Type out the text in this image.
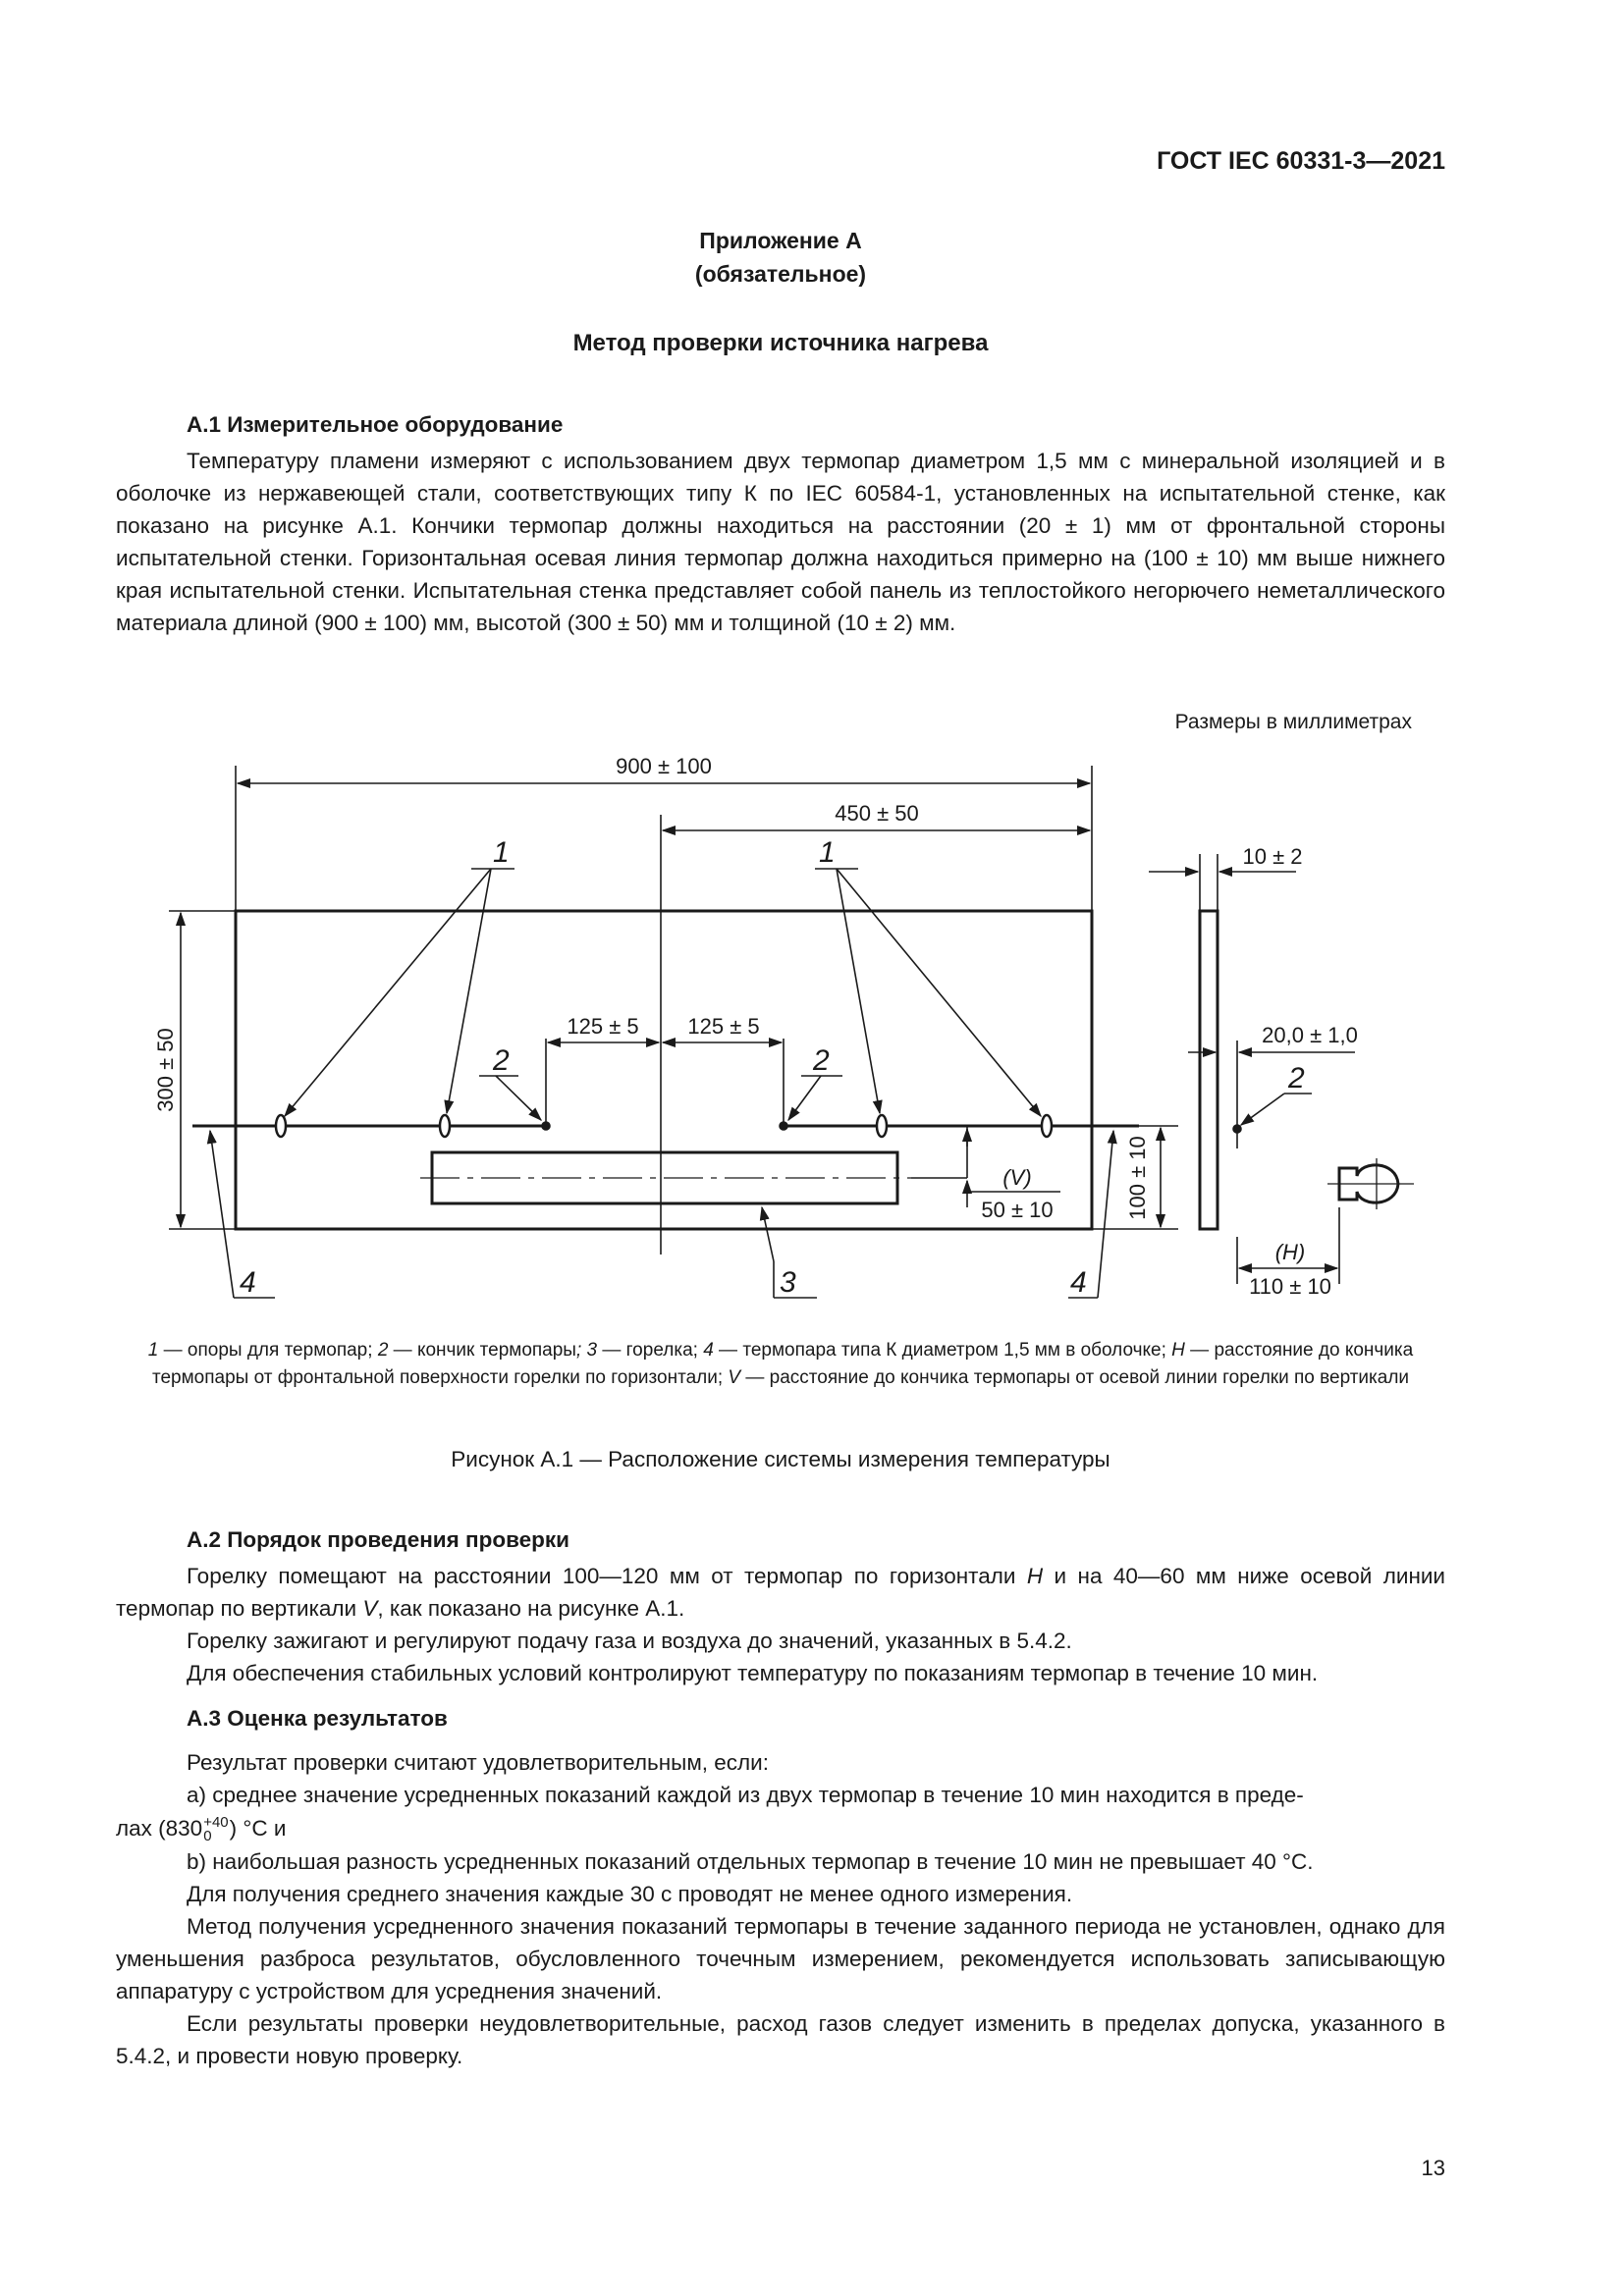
ГОСТ IEC 60331-3—2021
Приложение А
(обязательное)
Метод проверки источника нагрева
А.1 Измерительное оборудование
Температуру пламени измеряют с использованием двух термопар диаметром 1,5 мм с минеральной изоляцией и в оболочке из нержавеющей стали, соответствующих типу К по IEC 60584-1, установленных на испытательной стенке, как показано на рисунке А.1. Кончики термопар должны находиться на расстоянии (20 ± 1) мм от фронтальной стороны испытательной стенки. Горизонтальная осевая линия термопар должна находиться примерно на (100 ± 10) мм выше нижнего края испытательной стенки. Испытательная стенка представляет собой панель из теплостойкого негорючего неметаллического материала длиной (900 ± 100) мм, высотой (300 ± 50) мм и толщиной (10 ± 2) мм.
Размеры в миллиметрах
900 ± 100
450 ± 50
300 ± 50
125 ± 5 125 ± 5
(V)
50 ± 10	100 ± 10
10 ± 2
20,0 ± 1,0
(H)
110 ± 10
1	1
2	2
2
3
4	4
1 — опоры для термопар; 2 — кончик термопары; 3 — горелка; 4 — термопара типа К диаметром 1,5 мм в оболочке; H — расстояние до кончика термопары от фронтальной поверхности горелки по горизонтали; V — расстояние до кончика термопары от осевой линии горелки по вертикали
Рисунок А.1 — Расположение системы измерения температуры
А.2 Порядок проведения проверки
Горелку помещают на расстоянии 100—120 мм от термопар по горизонтали H и на 40—60 мм ниже осевой линии термопар по вертикали V, как показано на рисунке А.1.
Горелку зажигают и регулируют подачу газа и воздуха до значений, указанных в 5.4.2.
Для обеспечения стабильных условий контролируют температуру по показаниям термопар в течение 10 мин.
А.3 Оценка результатов
Результат проверки считают удовлетворительным, если:
a) среднее значение усредненных показаний каждой из двух термопар в течение 10 мин находится в преде-
лах (830 +40
0 ) °С и
b) наибольшая разность усредненных показаний отдельных термопар в течение 10 мин не превышает 40 °С.
Для получения среднего значения каждые 30 с проводят не менее одного измерения.
Метод получения усредненного значения показаний термопары в течение заданного периода не установлен, однако для уменьшения разброса результатов, обусловленного точечным измерением, рекомендуется использовать записывающую аппаратуру с устройством для усреднения значений.
Если результаты проверки неудовлетворительные, расход газов следует изменить в пределах допуска, указанного в 5.4.2, и провести новую проверку.
13
